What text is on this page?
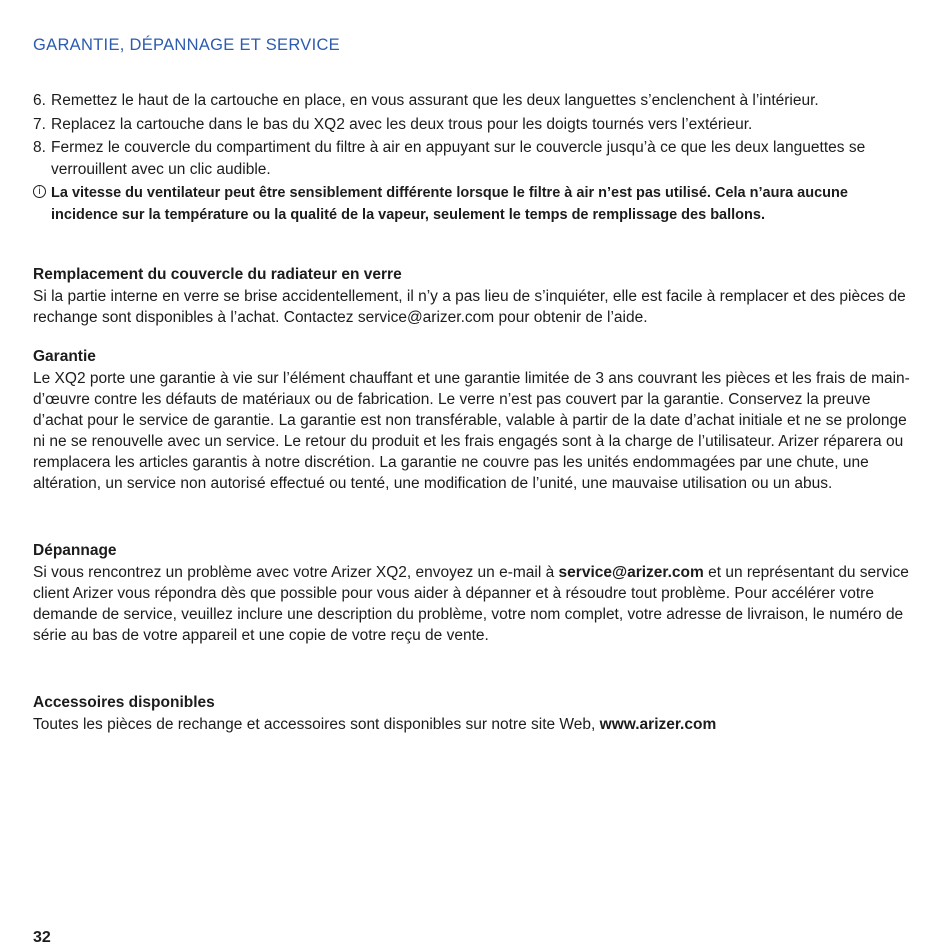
GARANTIE, DÉPANNAGE ET SERVICE
6. Remettez le haut de la cartouche en place, en vous assurant que les deux languettes s’enclenchent à l’intérieur.
7. Replacez la cartouche dans le bas du XQ2 avec les deux trous pour les doigts tournés vers l’extérieur.
8. Fermez le couvercle du compartiment du filtre à air en appuyant sur le couvercle jusqu’à ce que les deux languettes se verrouillent avec un clic audible.
i La vitesse du ventilateur peut être sensiblement différente lorsque le filtre à air n’est pas utilisé. Cela n’aura aucune incidence sur la température ou la qualité de la vapeur, seulement le temps de remplissage des ballons.
Remplacement du couvercle du radiateur en verre

Si la partie interne en verre se brise accidentellement, il n’y a pas lieu de s’inquiéter, elle est facile à remplacer et des pièces de rechange sont disponibles à l’achat. Contactez service@arizer.com pour obtenir de l’aide.

Garantie

Le XQ2 porte une garantie à vie sur l’élément chauffant et une garantie limitée de 3 ans couvrant les pièces et les frais de main-d’œuvre contre les défauts de matériaux ou de fabrication. Le verre n’est pas couvert par la garantie. Conservez la preuve d’achat pour le service de garantie. La garantie est non transférable, valable à partir de la date d’achat initiale et ne se prolonge ni ne se renouvelle avec un service. Le retour du produit et les frais engagés sont à la charge de l’utilisateur. Arizer réparera ou remplacera les articles garantis à notre discrétion. La garantie ne couvre pas les unités endommagées par une chute, une altération, un service non autorisé effectué ou tenté, une modification de l’unité, une mauvaise utilisation ou un abus.

Dépannage

Si vous rencontrez un problème avec votre Arizer XQ2, envoyez un e-mail à service@arizer.com et un représentant du service client Arizer vous répondra dès que possible pour vous aider à dépanner et à résoudre tout problème. Pour accélérer votre demande de service, veuillez inclure une description du problème, votre nom complet, votre adresse de livraison, le numéro de série au bas de votre appareil et une copie de votre reçu de vente.

Accessoires disponibles

Toutes les pièces de rechange et accessoires sont disponibles sur notre site Web, www.arizer.com

32
